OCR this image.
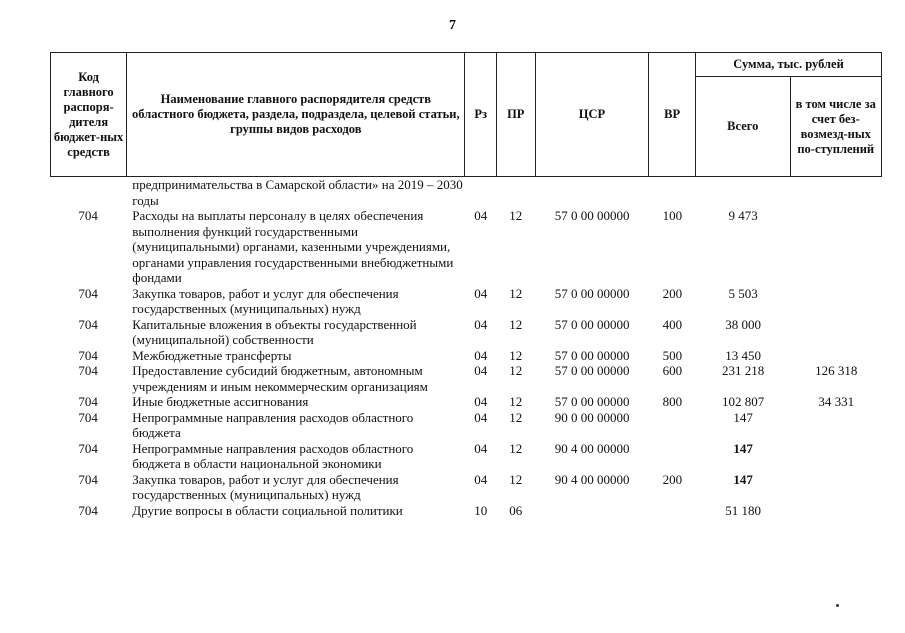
7
Код главного распоря-дителя бюджет-ных средств	Наименование главного распорядителя средств областного бюджета, раздела, подраздела, целевой статьи, группы видов расходов	Рз	ПР	ЦСР	ВР	Сумма, тыс. рублей	
						Всего	в том числе за счет без-возмезд-ных по-ступлений
	предпринимательства в Самарской области» на 2019 – 2030 годы						
704	Расходы на выплаты персоналу в целях обеспечения выполнения функций государственными (муниципальными) органами, казенными учреждениями, органами управления государственными внебюджетными фондами	04	12	57 0 00 00000	100	9 473	
704	Закупка товаров, работ и услуг для обеспечения государственных (муниципальных) нужд	04	12	57 0 00 00000	200	5 503	
704	Капитальные вложения в объекты государственной (муниципальной) собственности	04	12	57 0 00 00000	400	38 000	
704	Межбюджетные трансферты	04	12	57 0 00 00000	500	13 450	
704	Предоставление субсидий бюджетным, автономным учреждениям и иным некоммерческим организациям	04	12	57 0 00 00000	600	231 218	126 318
704	Иные бюджетные ассигнования	04	12	57 0 00 00000	800	102 807	34 331
704	Непрограммные направления расходов областного бюджета	04	12	90 0 00 00000		147	
704	Непрограммные направления расходов областного бюджета в области национальной экономики	04	12	90 4 00 00000		147	
704	Закупка товаров, работ и услуг для обеспечения государственных (муниципальных) нужд	04	12	90 4 00 00000	200	147	
704	Другие вопросы в области социальной политики	10	06			51 180	
